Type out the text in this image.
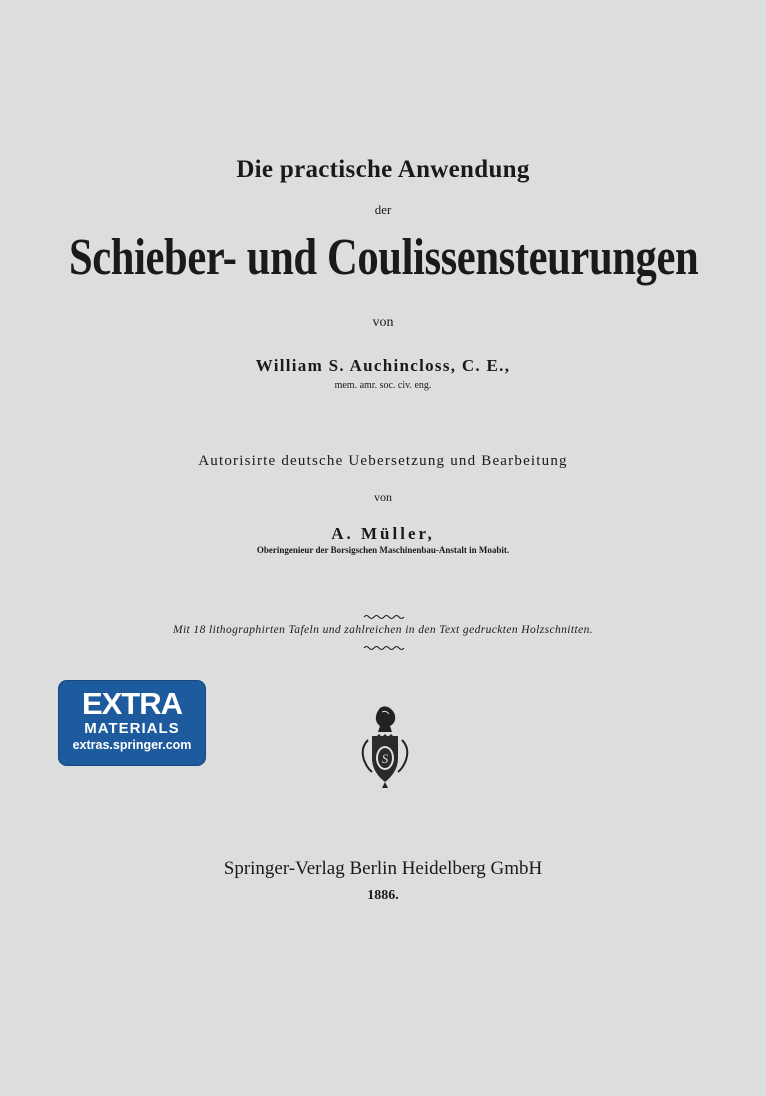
Die practische Anwendung
der
Schieber- und Coulissensteurungen
von
William S. Auchincloss, C. E.,
mem. amr. soc. civ. eng.
Autorisirte deutsche Uebersetzung und Bearbeitung
von
A. Müller,
Oberingenieur der Borsigschen Maschinenbau-Anstalt in Moabit.
Mit 18 lithographirten Tafeln und zahlreichen in den Text gedruckten Holzschnitten.
EXTRA
MATERIALS
extras.springer.com
S
Springer-Verlag Berlin Heidelberg GmbH
1886.
